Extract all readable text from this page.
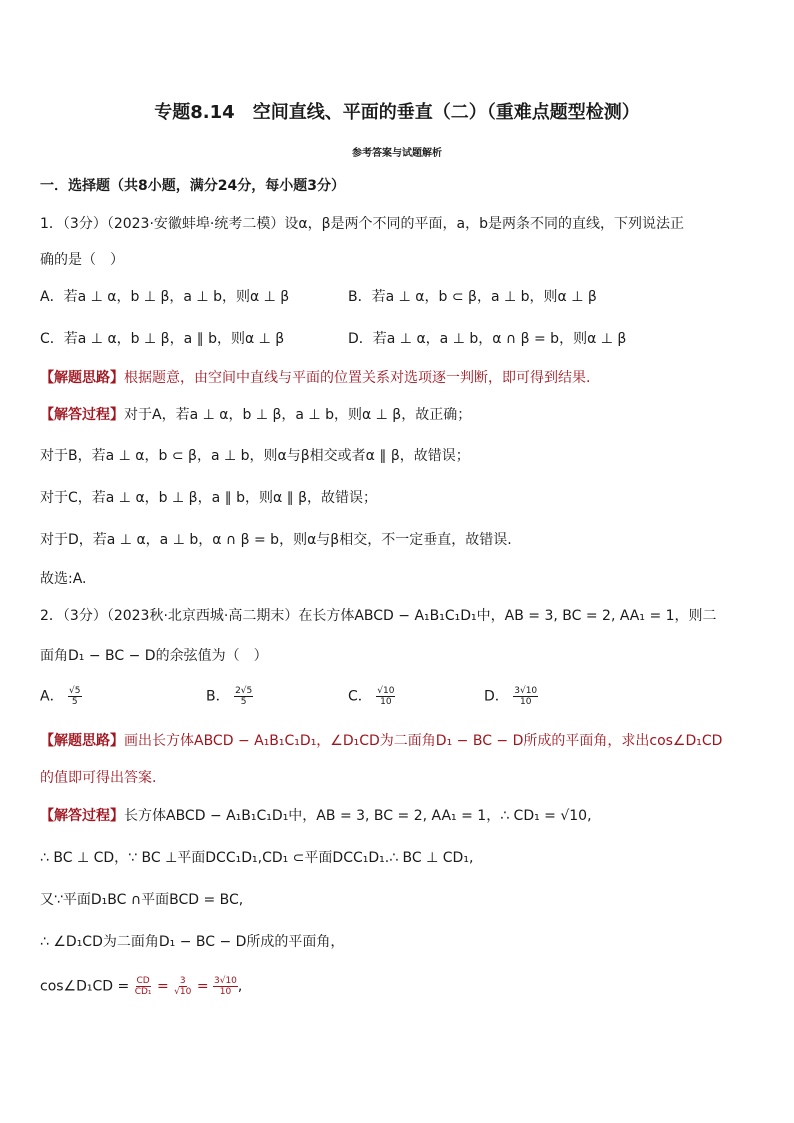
专题8.14　空间直线、平面的垂直（二）（重难点题型检测）
参考答案与试题解析
一．选择题（共8小题，满分24分，每小题3分）
1．（3分）（2023·安徽蚌埠·统考二模）设α，β是两个不同的平面，a，b是两条不同的直线，下列说法正
确的是（　）
A．若a ⊥ α，b ⊥ β，a ⊥ b，则α ⊥ β	B．若a ⊥ α，b ⊂ β，a ⊥ b，则α ⊥ β
C．若a ⊥ α，b ⊥ β，a ∥ b，则α ⊥ β	D．若a ⊥ α，a ⊥ b，α ∩ β = b，则α ⊥ β
【解题思路】根据题意，由空间中直线与平面的位置关系对选项逐一判断，即可得到结果.
【解答过程】对于A，若a ⊥ α，b ⊥ β，a ⊥ b，则α ⊥ β，故正确；
对于B，若a ⊥ α，b ⊂ β，a ⊥ b，则α与β相交或者α ∥ β，故错误；
对于C，若a ⊥ α，b ⊥ β，a ∥ b，则α ∥ β，故错误；
对于D，若a ⊥ α，a ⊥ b，α ∩ β = b，则α与β相交，不一定垂直，故错误.
故选:A.
2．（3分）（2023秋·北京西城·高二期末）在长方体ABCD − A₁B₁C₁D₁中，AB = 3, BC = 2, AA₁ = 1，则二
面角D₁ − BC − D的余弦值为（　）
A． $\frac{√5}{5}$	B． $\frac{2√5}{5}$	C． $\frac{√10}{10}$	D． $\frac{3√10}{10}$
【解题思路】画出长方体ABCD − A₁B₁C₁D₁，∠D₁CD为二面角D₁ − BC − D所成的平面角，求出cos∠D₁CD
的值即可得出答案.
【解答过程】长方体ABCD − A₁B₁C₁D₁中，AB = 3, BC = 2, AA₁ = 1，∴ CD₁ = √10,
∴ BC ⊥ CD，∵ BC ⊥平面DCC₁D₁,CD₁ ⊂平面DCC₁D₁.∴ BC ⊥ CD₁,
又∵平面D₁BC ∩平面BCD = BC,
∴ ∠D₁CD为二面角D₁ − BC − D所成的平面角，
cos∠D₁CD = $\frac{CD}{\text{CD₁}} = \frac{3}{√10} = \frac{3√10}{10}$ ,
